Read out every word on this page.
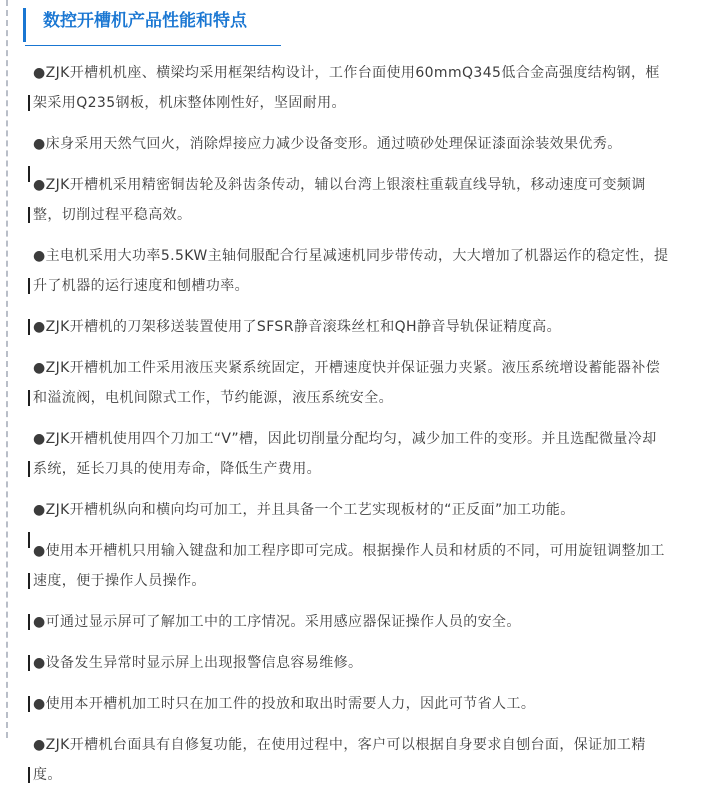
数控开槽机产品性能和特点
●ZJK开槽机机座、横梁均采用框架结构设计，工作台面使用60mmQ345低合金高强度结构钢，框架采用Q235钢板，机床整体刚性好，坚固耐用。
●床身采用天然气回火，消除焊接应力减少设备变形。通过喷砂处理保证漆面涂装效果优秀。
●ZJK开槽机采用精密铜齿轮及斜齿条传动，辅以台湾上银滚柱重载直线导轨，移动速度可变频调整，切削过程平稳高效。
●主电机采用大功率5.5KW主轴伺服配合行星减速机同步带传动，大大增加了机器运作的稳定性，提升了机器的运行速度和刨槽功率。
●ZJK开槽机的刀架移送装置使用了SFSR静音滚珠丝杠和QH静音导轨保证精度高。
●ZJK开槽机加工件采用液压夹紧系统固定，开槽速度快并保证强力夹紧。液压系统增设蓄能器补偿和溢流阀，电机间隙式工作，节约能源，液压系统安全。
●ZJK开槽机使用四个刀加工“V”槽，因此切削量分配均匀，减少加工件的变形。并且选配微量冷却系统，延长刀具的使用寿命，降低生产费用。
●ZJK开槽机纵向和横向均可加工，并且具备一个工艺实现板材的“正反面”加工功能。
●使用本开槽机只用输入键盘和加工程序即可完成。根据操作人员和材质的不同，可用旋钮调整加工速度，便于操作人员操作。
●可通过显示屏可了解加工中的工序情况。采用感应器保证操作人员的安全。
●设备发生异常时显示屏上出现报警信息容易维修。
●使用本开槽机加工时只在加工件的投放和取出时需要人力，因此可节省人工。
●ZJK开槽机台面具有自修复功能，在使用过程中，客户可以根据自身要求自刨台面，保证加工精度。
